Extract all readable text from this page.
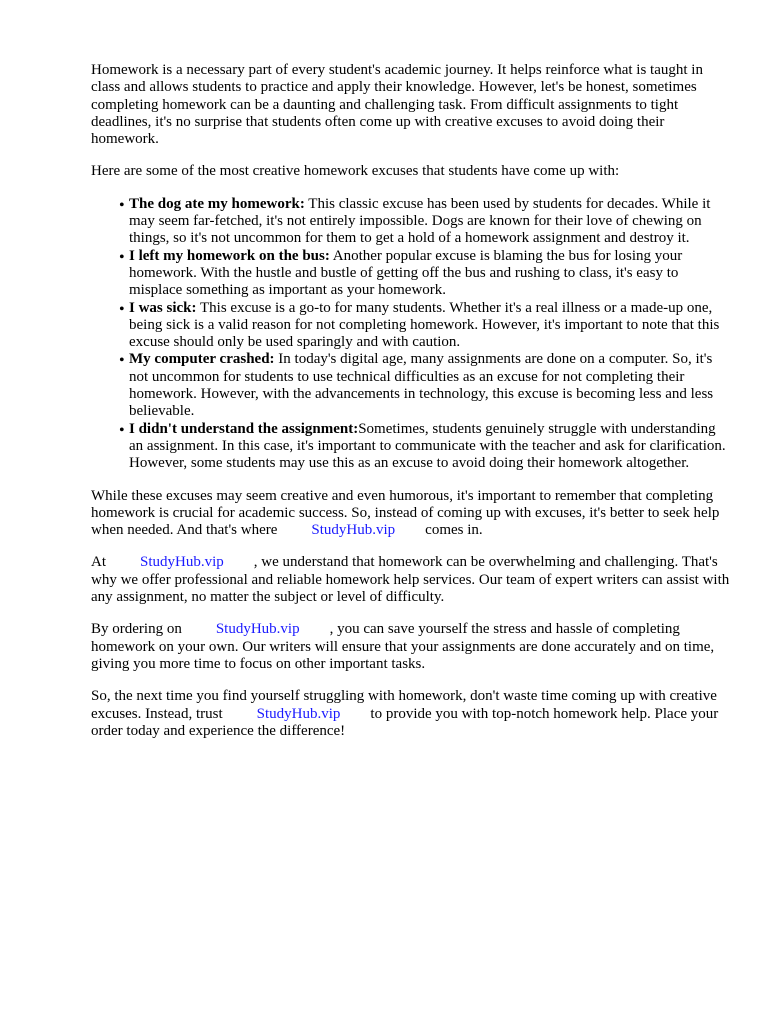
Homework is a necessary part of every student's academic journey. It helps reinforce what is taught in class and allows students to practice and apply their knowledge. However, let's be honest, sometimes completing homework can be a daunting and challenging task. From difficult assignments to tight deadlines, it's no surprise that students often come up with creative excuses to avoid doing their homework.

Here are some of the most creative homework excuses that students have come up with:

• The dog ate my homework: This classic excuse has been used by students for decades. While it may seem far-fetched, it's not entirely impossible. Dogs are known for their love of chewing on things, so it's not uncommon for them to get a hold of a homework assignment and destroy it.
• I left my homework on the bus: Another popular excuse is blaming the bus for losing your homework. With the hustle and bustle of getting off the bus and rushing to class, it's easy to misplace something as important as your homework.
• I was sick: This excuse is a go-to for many students. Whether it's a real illness or a made-up one, being sick is a valid reason for not completing homework. However, it's important to note that this excuse should only be used sparingly and with caution.
• My computer crashed: In today's digital age, many assignments are done on a computer. So, it's not uncommon for students to use technical difficulties as an excuse for not completing their homework. However, with the advancements in technology, this excuse is becoming less and less believable.
• I didn't understand the assignment:Sometimes, students genuinely struggle with understanding an assignment. In this case, it's important to communicate with the teacher and ask for clarification. However, some students may use this as an excuse to avoid doing their homework altogether.

While these excuses may seem creative and even humorous, it's important to remember that completing homework is crucial for academic success. So, instead of coming up with excuses, it's better to seek help when needed. And that's where StudyHub.vip comes in.

At StudyHub.vip , we understand that homework can be overwhelming and challenging. That's why we offer professional and reliable homework help services. Our team of expert writers can assist with any assignment, no matter the subject or level of difficulty.

By ordering on StudyHub.vip , you can save yourself the stress and hassle of completing homework on your own. Our writers will ensure that your assignments are done accurately and on time, giving you more time to focus on other important tasks.

So, the next time you find yourself struggling with homework, don't waste time coming up with creative excuses. Instead, trust StudyHub.vip to provide you with top-notch homework help. Place your order today and experience the difference!
